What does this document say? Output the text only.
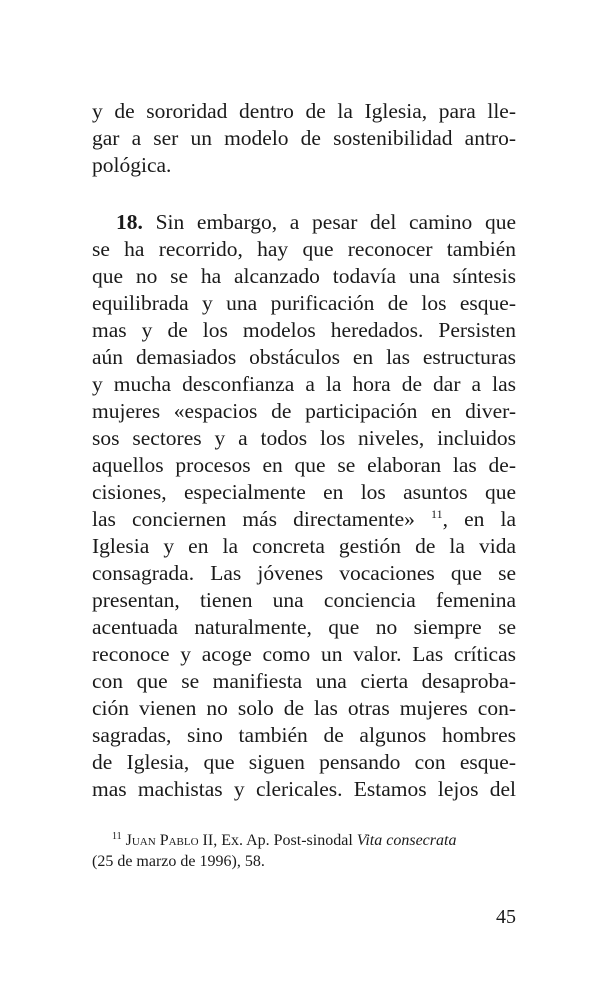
y de sororidad dentro de la Iglesia, para lle-
gar a ser un modelo de sostenibilidad antro-
pológica.
18. Sin embargo, a pesar del camino que
se ha recorrido, hay que reconocer también
que no se ha alcanzado todavía una síntesis
equilibrada y una purificación de los esque-
mas y de los modelos heredados. Persisten
aún demasiados obstáculos en las estructuras
y mucha desconfianza a la hora de dar a las
mujeres «espacios de participación en diver-
sos sectores y a todos los niveles, incluidos
aquellos procesos en que se elaboran las de-
cisiones, especialmente en los asuntos que
las conciernen más directamente» $^{11}$, en la
Iglesia y en la concreta gestión de la vida
consagrada. Las jóvenes vocaciones que se
presentan, tienen una conciencia femenina
acentuada naturalmente, que no siempre se
reconoce y acoge como un valor. Las críticas
con que se manifiesta una cierta desaproba-
ción vienen no solo de las otras mujeres con-
sagradas, sino también de algunos hombres
de Iglesia, que siguen pensando con esque-
mas machistas y clericales. Estamos lejos del
$^{11}$ Juan Pablo II, Ex. Ap. Post-sinodal Vita consecrata
(25 de marzo de 1996), 58.
45
